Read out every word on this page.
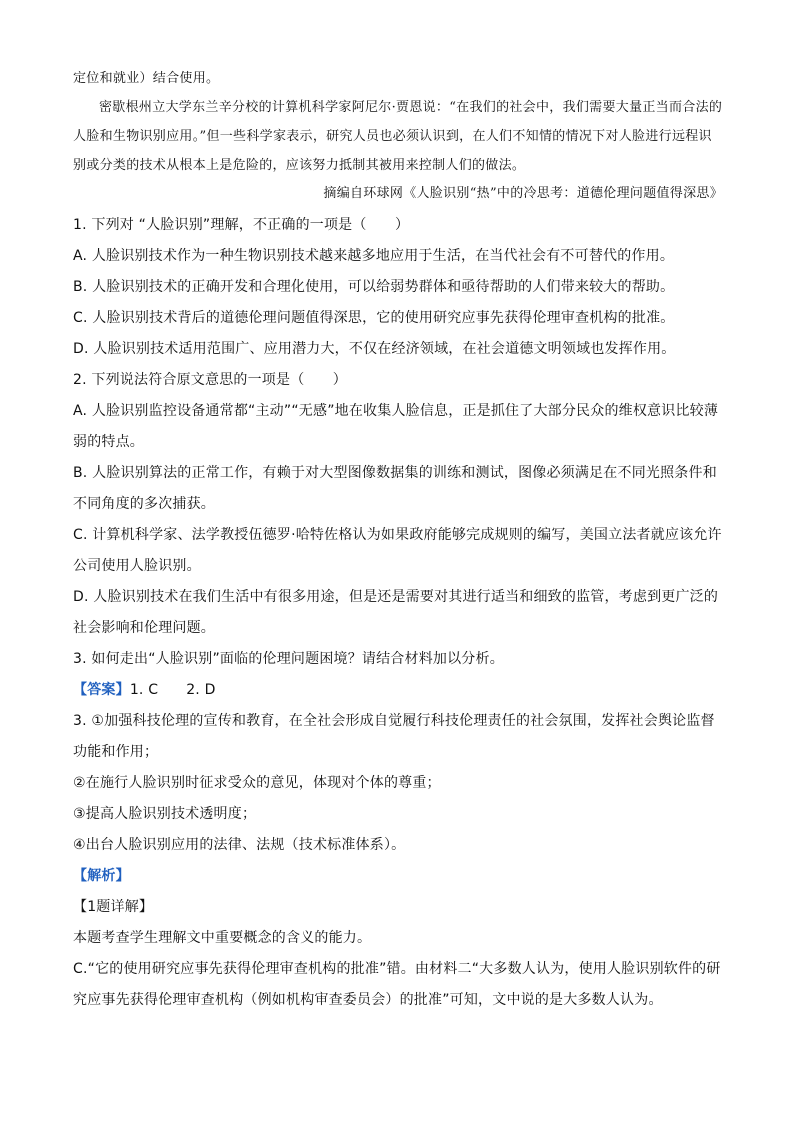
定位和就业）结合使用。
密歇根州立大学东兰辛分校的计算机科学家阿尼尔·贾恩说：“在我们的社会中，我们需要大量正当而合法的人脸和生物识别应用。”但一些科学家表示，研究人员也必须认识到，在人们不知情的情况下对人脸进行远程识别或分类的技术从根本上是危险的，应该努力抵制其被用来控制人们的做法。
摘编自环球网《人脸识别“热”中的冷思考：道德伦理问题值得深思》
1. 下列对 “人脸识别”理解，不正确的一项是（　　）
A. 人脸识别技术作为一种生物识别技术越来越多地应用于生活，在当代社会有不可替代的作用。
B. 人脸识别技术的正确开发和合理化使用，可以给弱势群体和亟待帮助的人们带来较大的帮助。
C. 人脸识别技术背后的道德伦理问题值得深思，它的使用研究应事先获得伦理审查机构的批准。
D. 人脸识别技术适用范围广、应用潜力大，不仅在经济领域，在社会道德文明领域也发挥作用。
2. 下列说法符合原文意思的一项是（　　）
A. 人脸识别监控设备通常都“主动”“无感”地在收集人脸信息，正是抓住了大部分民众的维权意识比较薄弱的特点。
B. 人脸识别算法的正常工作，有赖于对大型图像数据集的训练和测试，图像必须满足在不同光照条件和不同角度的多次捕获。
C. 计算机科学家、法学教授伍德罗·哈特佐格认为如果政府能够完成规则的编写，美国立法者就应该允许公司使用人脸识别。
D. 人脸识别技术在我们生活中有很多用途，但是还是需要对其进行适当和细致的监管，考虑到更广泛的社会影响和伦理问题。
3. 如何走出“人脸识别”面临的伦理问题困境？请结合材料加以分析。
【答案】1. C 2. D
3. ①加强科技伦理的宣传和教育，在全社会形成自觉履行科技伦理责任的社会氛围，发挥社会舆论监督功能和作用；
②在施行人脸识别时征求受众的意见，体现对个体的尊重；
③提高人脸识别技术透明度；
④出台人脸识别应用的法律、法规（技术标准体系）。
【解析】
【1题详解】
本题考查学生理解文中重要概念的含义的能力。
C.“它的使用研究应事先获得伦理审查机构的批准”错。由材料二“大多数人认为，使用人脸识别软件的研究应事先获得伦理审查机构（例如机构审查委员会）的批准”可知，文中说的是大多数人认为。
